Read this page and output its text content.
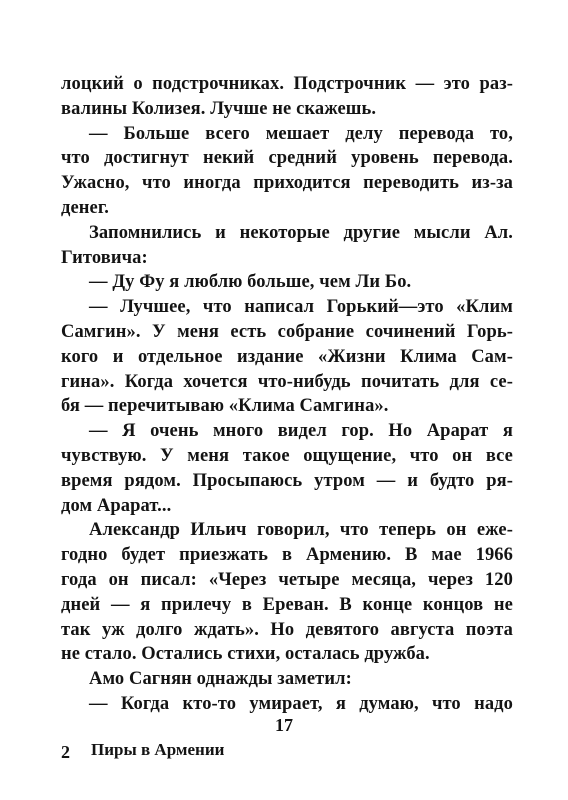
лоцкий о подстрочниках. Подстрочник — это раз-
валины Колизея. Лучше не скажешь.
— Больше всего мешает делу перевода то,
что достигнут некий средний уровень перевода.
Ужасно, что иногда приходится переводить из-за
денег.
Запомнились и некоторые другие мысли Ал.
Гитовича:
— Ду Фу я люблю больше, чем Ли Бо.
— Лучшее, что написал Горький—это «Клим
Самгин». У меня есть собрание сочинений Горь-
кого и отдельное издание «Жизни Клима Сам-
гина». Когда хочется что-нибудь почитать для се-
бя — перечитываю «Клима Самгина».
— Я очень много видел гор. Но Арарат я
чувствую. У меня такое ощущение, что он все
время рядом. Просыпаюсь утром — и будто ря-
дом Арарат...
Александр Ильич говорил, что теперь он еже-
годно будет приезжать в Армению. В мае 1966
года он писал: «Через четыре месяца, через 120
дней — я прилечу в Ереван. В конце концов не
так уж долго ждать». Но девятого августа поэта
не стало. Остались стихи, осталась дружба.
Амо Сагнян однажды заметил:
— Когда кто-то умирает, я думаю, что надо
17
2 Пиры в Армении
